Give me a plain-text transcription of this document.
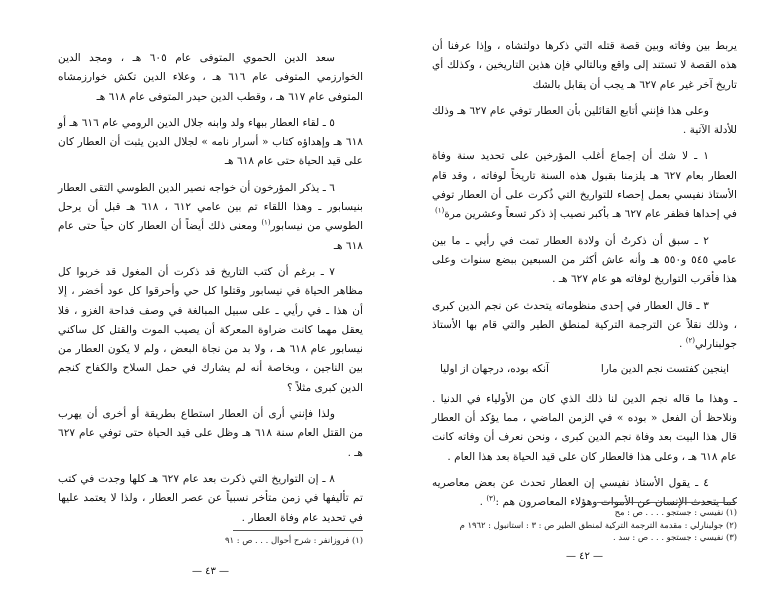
يربط بين وفاته وبين قصة قتله التي ذكرها دولتشاه ، وإذا عرفنا أن هذه القصة لا تستند إلى واقع وبالتالي فإن هذين التاريخين ، وكذلك أي تاريخ آخر غير عام ٦٢٧ هـ يجب أن يقابل بالشك

وعلى هذا فإنني أتابع القائلين بأن العطار توفي عام ٦٢٧ هـ وذلك للأدلة الآتية .

١ ـ لا شك أن إجماع أغلب المؤرخين على تحديد سنة وفاة العطار بعام ٦٢٧ هـ يلزمنا بقبول هذه السنة تاريخاً لوفاته ، وقد قام الأستاذ نفيسي بعمل إحصاء للتواريخ التي ذُكرت على أن العطار توفي في إحداها فظفر عام ٦٢٧ هـ بأكبر نصيب إذ ذكر تسعاً وعشرين مرة$^{(١)}$

٢ ـ سبق أن ذكرتُ أن ولادة العطار تمت في رأيي ـ ما بين عامي ٥٤٥ و٥٥٠ هـ وأنه عاش أكثر من السبعين ببضع سنوات وعلى هذا فأقرب التواريخ لوفاته هو عام ٦٢٧ هـ .

٣ ـ قال العطار في إحدى منظوماته يتحدث عن نجم الدين كبرى ، وذلك نقلاً عن الترجمة التركية لمنطق الطير والتي قام بها الأستاذ جولبنارلي$^{(٢)}$ .

اينجين كفتست نجم الدين مارا
آنكه بوده، درجهان از اوليا

ـ وهذا ما قاله نجم الدين لنا ذلك الذي كان من الأولياء في الدنيا . ونلاحظ أن الفعل « بوده » في الزمن الماضي ، مما يؤكد أن العطار قال هذا البيت بعد وفاة نجم الدين كبرى ، ونحن نعرف أن وفاته كانت عام ٦١٨ هـ ، وعلى هذا فالعطار كان على قيد الحياة بعد هذا العام .

٤ ـ يقول الأستاذ نفيسي إن العطار تحدث عن بعض معاصريه كما يتحدث الإنسان عن الأموات وهؤلاء المعاصرون هم :$^{(٣)}$ .

(١) نفيسي : جستجو . . . . ص : مح
(٢) جولبنارلي : مقدمة الترجمة التركية لمنطق الطير ص : ٣ : استانبول : ١٩٦٢ م
(٣) نفيسي : جستجو . . . ص : سد .
— ٤٢ —

سعد الدين الحموي المتوفى عام ٦٠٥ هـ ، ومجد الدين الخوارزمي المتوفى عام ٦١٦ هـ ، وعلاء الدين تكش خوارزمشاه المتوفى عام ٦١٧ هـ ، وقطب الدين حيدر المتوفى عام ٦١٨ هـ

٥ ـ لقاء العطار ببهاء ولد وابنه جلال الدين الرومي عام ٦١٦ هـ أو ٦١٨ هـ وإهداؤه كتاب « أسرار نامه » لجلال الدين يثبت أن العطار كان على قيد الحياة حتى عام ٦١٨ هـ

٦ ـ يذكر المؤرخون أن خواجه نصير الدين الطوسي التقى العطار بنيسابور ـ وهذا اللقاء تم بين عامي ٦١٢ ، ٦١٨ هـ قبل أن يرحل الطوسي من نيسابور$^{(١)}$ ومعنى ذلك أيضاً أن العطار كان حياً حتى عام ٦١٨ هـ

٧ ـ برغم أن كتب التاريخ قد ذكرت أن المغول قد خربوا كل مظاهر الحياة في نيسابور وقتلوا كل حي وأحرقوا كل عود أخضر ، إلا أن هذا ـ في رأيي ـ على سبيل المبالغة في وصف فداحة الغزو ، فلا يعقل مهما كانت ضراوة المعركة أن يصيب الموت والقتل كل ساكني نيسابور عام ٦١٨ هـ ، ولا بد من نجاة البعض ، ولم لا يكون العطار من بين الناجين ، وبخاصة أنه لم يشارك في حمل السلاح والكفاح كنجم الدين كبرى مثلاً ؟

ولذا فإنني أرى أن العطار استطاع بطريقة أو أخرى أن يهرب من القتل العام سنة ٦١٨ هـ وظل على قيد الحياة حتى توفي عام ٦٢٧ هـ .

٨ ـ إن التواريخ التي ذكرت بعد عام ٦٢٧ هـ كلها وجدت في كتب تم تأليفها في زمن متأخر نسبياً عن عصر العطار ، ولذا لا يعتمد عليها في تحديد عام وفاة العطار .

(١) فروزانفر : شرح أحوال . . . ص : ٩١
— ٤٣ —
